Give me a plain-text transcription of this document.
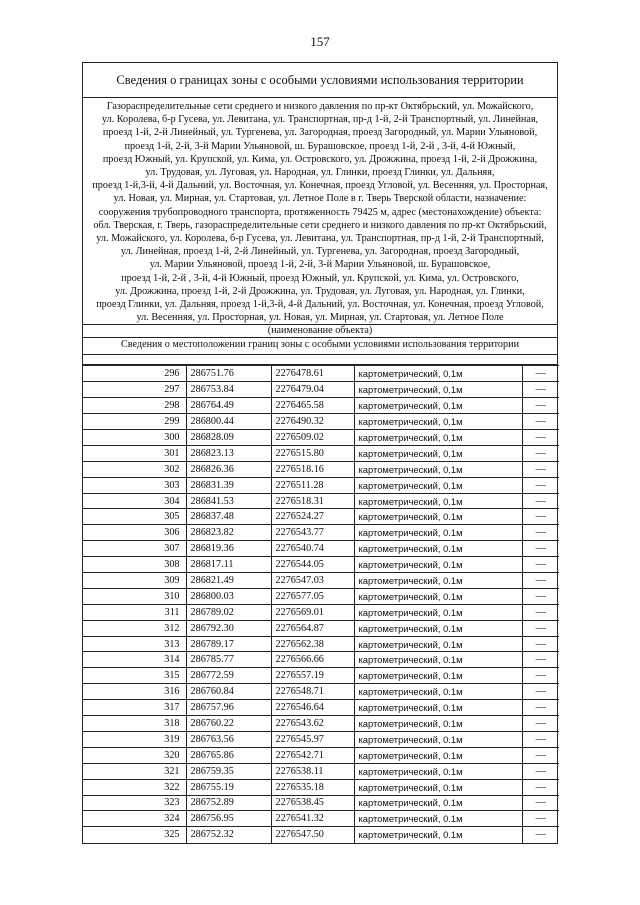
157
Сведения о границах зоны с особыми условиями использования территории
Газораспределительные сети среднего и низкого давления по пр-кт Октябрьский, ул. Можайского,
ул. Королева, б-р Гусева, ул. Левитана, ул. Транспортная, пр-д 1-й, 2-й Транспортный, ул. Линейная,
проезд 1-й, 2-й Линейный, ул. Тургенева, ул. Загородная, проезд Загородный, ул. Марии Ульяновой,
проезд 1-й, 2-й, 3-й Марии Ульяновой, ш. Бурашовское, проезд 1-й, 2-й , 3-й, 4-й Южный,
проезд Южный, ул. Крупской, ул. Кима, ул. Островского, ул. Дрожжина, проезд 1-й, 2-й Дрожжина,
ул. Трудовая, ул. Луговая, ул. Народная, ул. Глинки, проезд Глинки, ул. Дальняя,
проезд 1-й,3-й, 4-й Дальний, ул. Восточная, ул. Конечная, проезд Угловой, ул. Весенняя, ул. Просторная,
ул. Новая, ул. Мирная, ул. Стартовая, ул. Летное Поле в г. Тверь Тверской области, назначение:
сооружения трубопроводного транспорта, протяженность 79425 м, адрес (местонахождение) объекта:
обл. Тверская, г. Тверь, газораспределительные сети среднего и низкого давления по пр-кт Октябрьский,
ул. Можайского, ул. Королева, б-р Гусева, ул. Левитана, ул. Транспортная, пр-д 1-й, 2-й Транспортный,
ул. Линейная, проезд 1-й, 2-й Линейный, ул. Тургенева, ул. Загородная, проезд Загородный,
ул. Марии Ульяновой, проезд 1-й, 2-й, 3-й Марии Ульяновой, ш. Бурашовское,
проезд 1-й, 2-й , 3-й, 4-й Южный, проезд Южный, ул. Крупской, ул. Кима, ул. Островского,
ул. Дрожжина, проезд 1-й, 2-й Дрожжина, ул. Трудовая, ул. Луговая, ул. Народная, ул. Глинки,
проезд Глинки, ул. Дальняя, проезд 1-й,3-й, 4-й Дальний, ул. Восточная, ул. Конечная, проезд Угловой,
ул. Весенняя, ул. Просторная, ул. Новая, ул. Мирная, ул. Стартовая, ул. Летное Поле
(наименование объекта)
Сведения о местоположении границ зоны с особыми условиями использования территории
296	286751.76	2276478.61	картометрический, 0.1м	—
297	286753.84	2276479.04	картометрический, 0.1м	—
298	286764.49	2276465.58	картометрический, 0.1м	—
299	286800.44	2276490.32	картометрический, 0.1м	—
300	286828.09	2276509.02	картометрический, 0.1м	—
301	286823.13	2276515.80	картометрический, 0.1м	—
302	286826.36	2276518.16	картометрический, 0.1м	—
303	286831.39	2276511.28	картометрический, 0.1м	—
304	286841.53	2276518.31	картометрический, 0.1м	—
305	286837.48	2276524.27	картометрический, 0.1м	—
306	286823.82	2276543.77	картометрический, 0.1м	—
307	286819.36	2276540.74	картометрический, 0.1м	—
308	286817.11	2276544.05	картометрический, 0.1м	—
309	286821.49	2276547.03	картометрический, 0.1м	—
310	286800.03	2276577.05	картометрический, 0.1м	—
311	286789.02	2276569.01	картометрический, 0.1м	—
312	286792.30	2276564.87	картометрический, 0.1м	—
313	286789.17	2276562.38	картометрический, 0.1м	—
314	286785.77	2276566.66	картометрический, 0.1м	—
315	286772.59	2276557.19	картометрический, 0.1м	—
316	286760.84	2276548.71	картометрический, 0.1м	—
317	286757.96	2276546.64	картометрический, 0.1м	—
318	286760.22	2276543.62	картометрический, 0.1м	—
319	286763.56	2276545.97	картометрический, 0.1м	—
320	286765.86	2276542.71	картометрический, 0.1м	—
321	286759.35	2276538.11	картометрический, 0.1м	—
322	286755.19	2276535.18	картометрический, 0.1м	—
323	286752.89	2276538.45	картометрический, 0.1м	—
324	286756.95	2276541.32	картометрический, 0.1м	—
325	286752.32	2276547.50	картометрический, 0.1м	—
